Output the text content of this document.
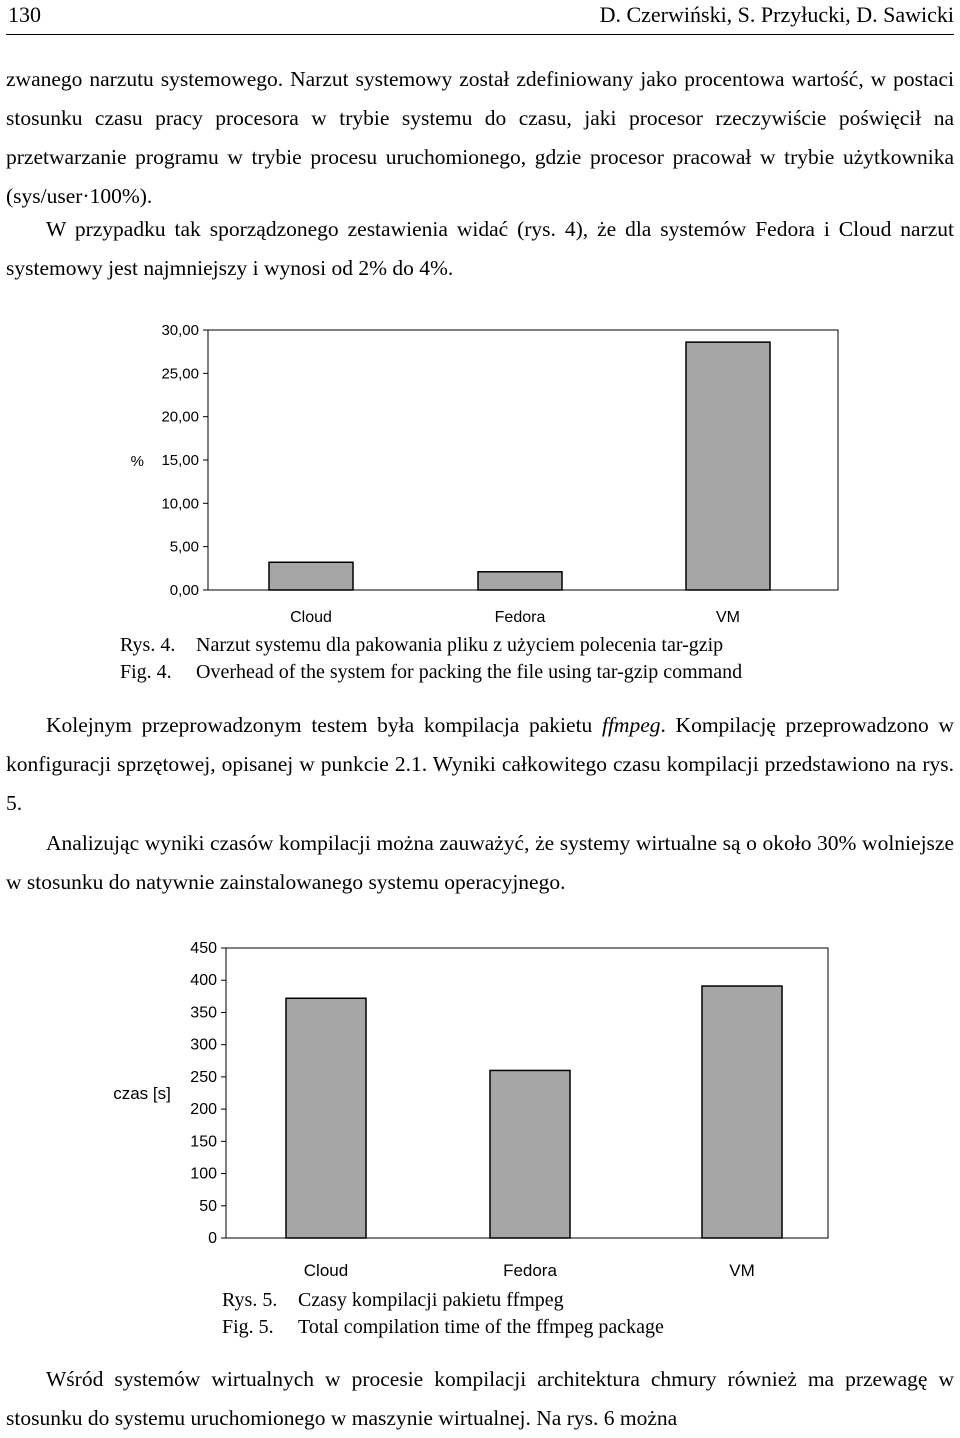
130	D. Czerwiński, S. Przyłucki, D. Sawicki

zwanego narzutu systemowego. Narzut systemowy został zdefiniowany jako procentowa wartość, w postaci stosunku czasu pracy procesora w trybie systemu do czasu, jaki procesor rzeczywiście poświęcił na przetwarzanie programu w trybie procesu uruchomionego, gdzie procesor pracował w trybie użytkownika (sys/user·100%).

W przypadku tak sporządzonego zestawienia widać (rys. 4), że dla systemów Fedora i Cloud narzut systemowy jest najmniejszy i wynosi od 2% do 4%.

0,00
5,00
10,00
15,00
20,00
25,00
30,00
%
Cloud	Fedora	VM
Rys. 4. Narzut systemu dla pakowania pliku z użyciem polecenia tar-gzip
Fig. 4. Overhead of the system for packing the file using tar-gzip command

Kolejnym przeprowadzonym testem była kompilacja pakietu ffmpeg. Kompilację przeprowadzono w konfiguracji sprzętowej, opisanej w punkcie 2.1. Wyniki całkowitego czasu kompilacji przedstawiono na rys. 5.

Analizując wyniki czasów kompilacji można zauważyć, że systemy wirtualne są o około 30% wolniejsze w stosunku do natywnie zainstalowanego systemu operacyjnego.

0
50
100
150
200
250
300
350
400
450
czas [s]
Cloud	Fedora	VM
Rys. 5. Czasy kompilacji pakietu ffmpeg
Fig. 5. Total compilation time of the ffmpeg package

Wśród systemów wirtualnych w procesie kompilacji architektura chmury również ma przewagę w stosunku do systemu uruchomionego w maszynie wirtualnej. Na rys. 6 można
